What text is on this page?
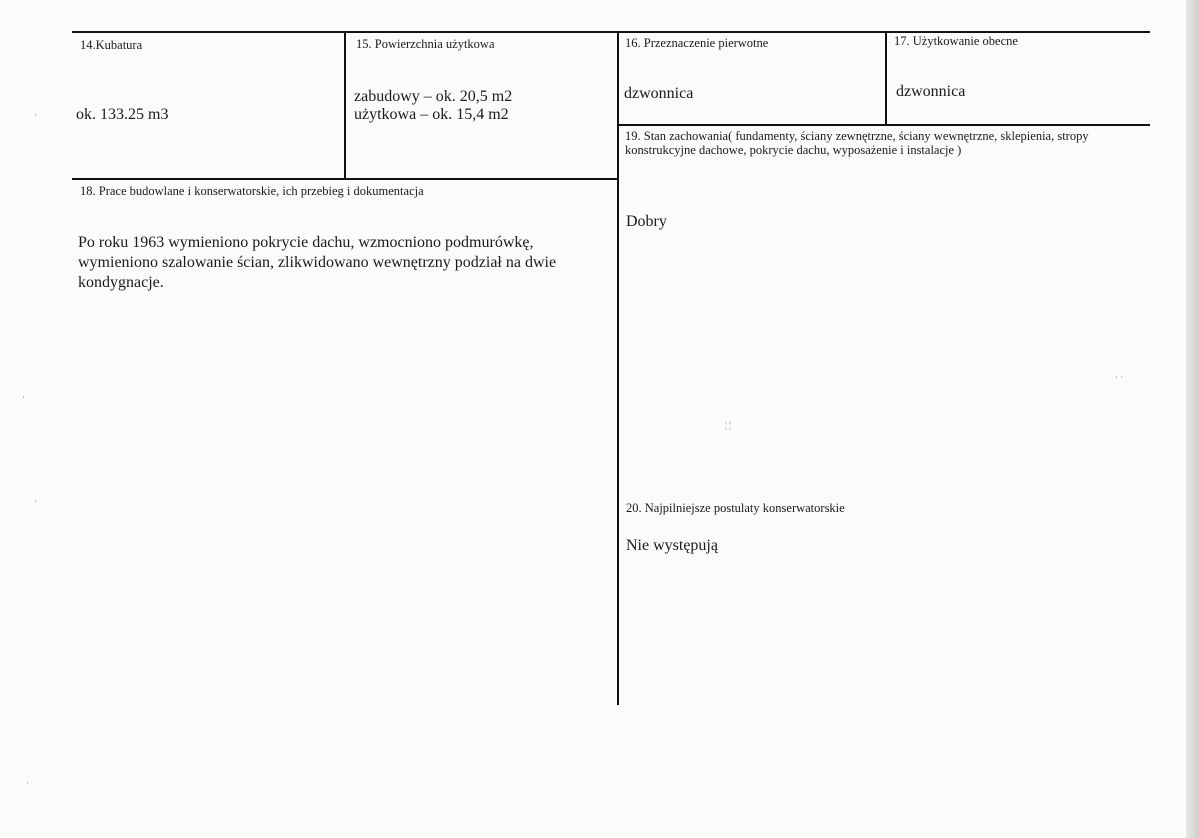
14.Kubatura
ok. 133.25 m3
15. Powierzchnia użytkowa
zabudowy – ok. 20,5 m2
użytkowa – ok. 15,4 m2
16. Przeznaczenie pierwotne
dzwonnica
17. Użytkowanie obecne
dzwonnica
18. Prace budowlane i konserwatorskie, ich przebieg i dokumentacja
Po roku 1963 wymieniono pokrycie dachu, wzmocniono podmurówkę, wymieniono szalowanie ścian, zlikwidowano wewnętrzny podział na dwie kondygnacje.
19. Stan zachowania( fundamenty, ściany zewnętrzne, ściany wewnętrzne, sklepienia, stropy konstrukcyjne dachowe, pokrycie dachu, wyposażenie i instalacje )
Dobry
20. Najpilniejsze postulaty konserwatorskie
Nie występują
·
·
·
·
· ·
¦ ¦
